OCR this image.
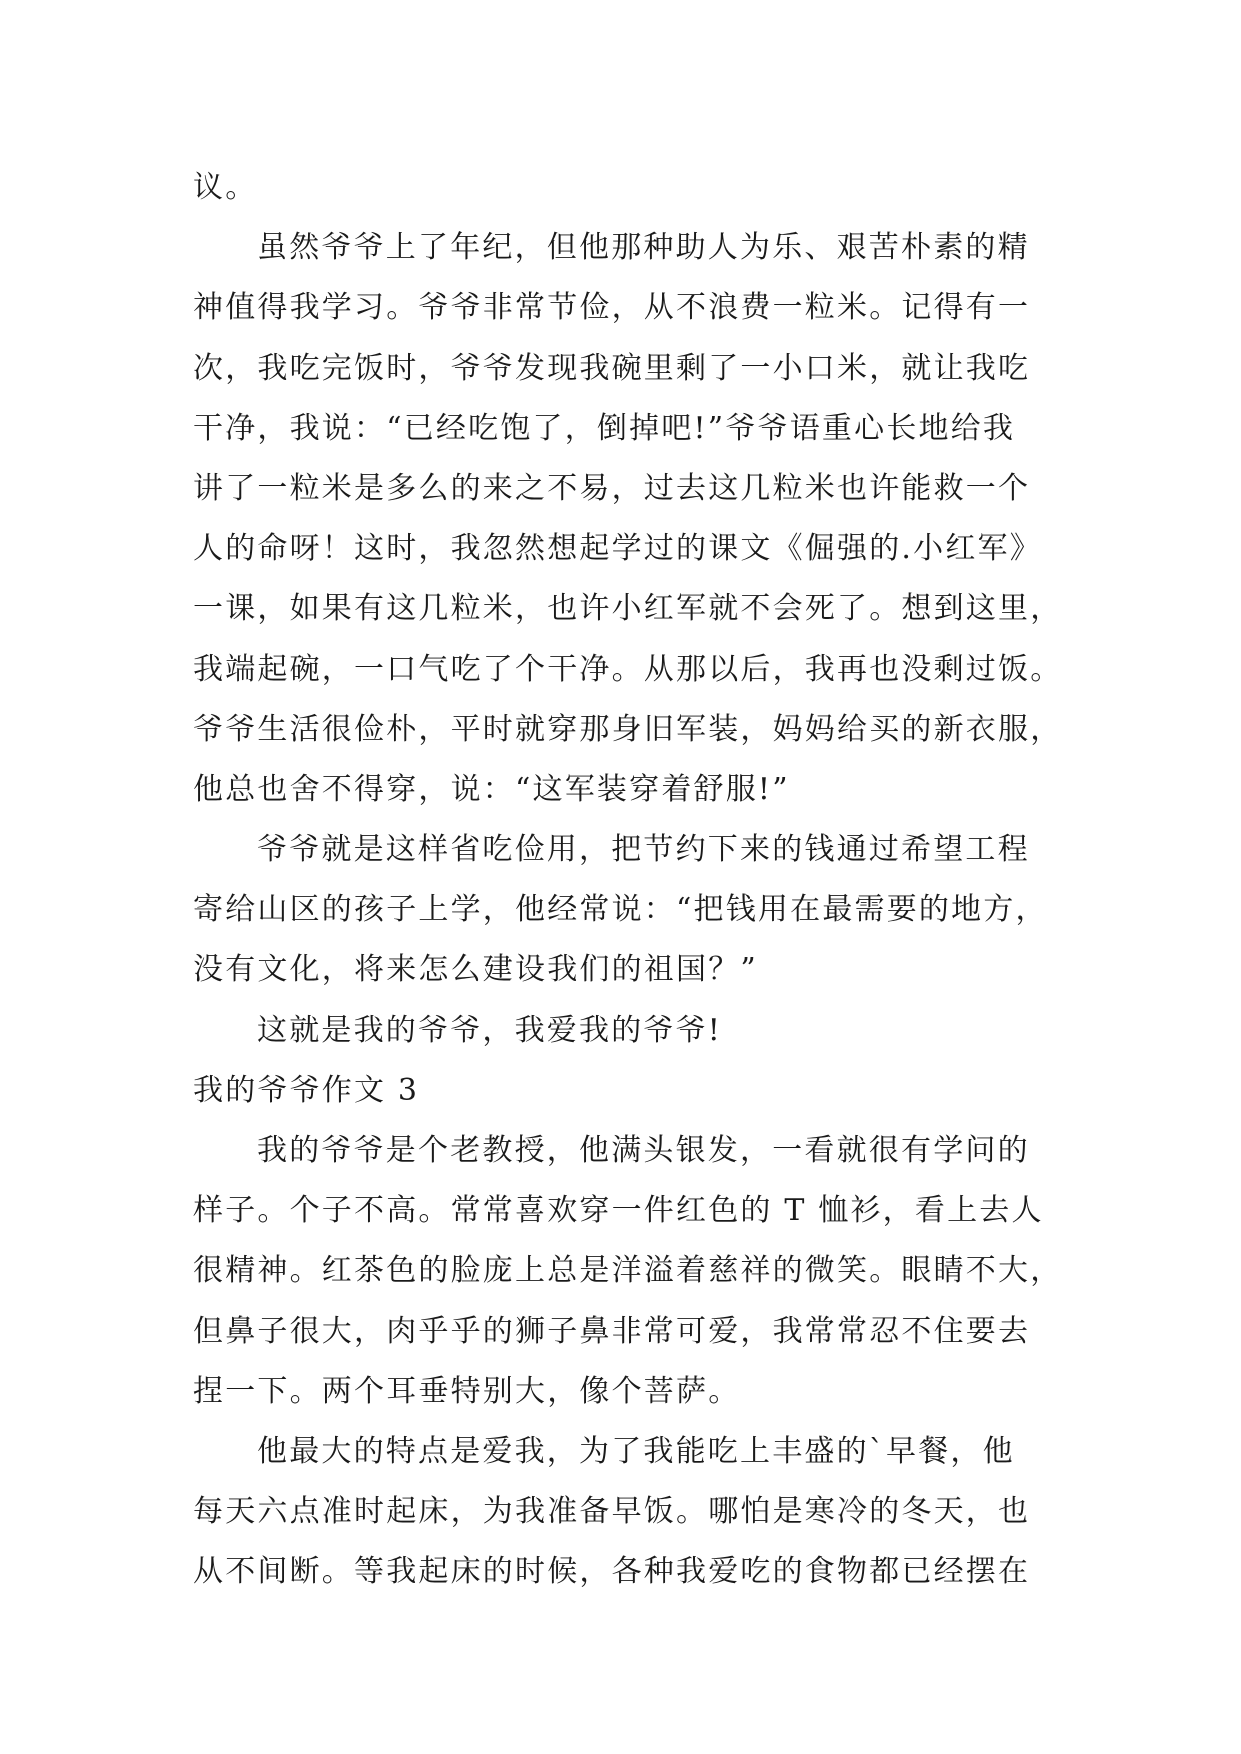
议。
虽然爷爷上了年纪，但他那种助人为乐、艰苦朴素的精
神值得我学习。爷爷非常节俭，从不浪费一粒米。记得有一
次，我吃完饭时，爷爷发现我碗里剩了一小口米，就让我吃
干净，我说：“已经吃饱了，倒掉吧!”爷爷语重心长地给我
讲了一粒米是多么的来之不易，过去这几粒米也许能救一个
人的命呀！这时，我忽然想起学过的课文《倔强的.小红军》
一课，如果有这几粒米，也许小红军就不会死了。想到这里，
我端起碗，一口气吃了个干净。从那以后，我再也没剩过饭。
爷爷生活很俭朴，平时就穿那身旧军装，妈妈给买的新衣服，
他总也舍不得穿，说：“这军装穿着舒服!”
爷爷就是这样省吃俭用，把节约下来的钱通过希望工程
寄给山区的孩子上学，他经常说：“把钱用在最需要的地方，
没有文化，将来怎么建设我们的祖国？”
这就是我的爷爷，我爱我的爷爷!
我的爷爷作文 3
我的爷爷是个老教授，他满头银发，一看就很有学问的
样子。个子不高。常常喜欢穿一件红色的 T 恤衫，看上去人
很精神。红茶色的脸庞上总是洋溢着慈祥的微笑。眼睛不大，
但鼻子很大，肉乎乎的狮子鼻非常可爱，我常常忍不住要去
捏一下。两个耳垂特别大，像个菩萨。
他最大的特点是爱我，为了我能吃上丰盛的`早餐，他
每天六点准时起床，为我准备早饭。哪怕是寒冷的冬天，也
从不间断。等我起床的时候，各种我爱吃的食物都已经摆在
